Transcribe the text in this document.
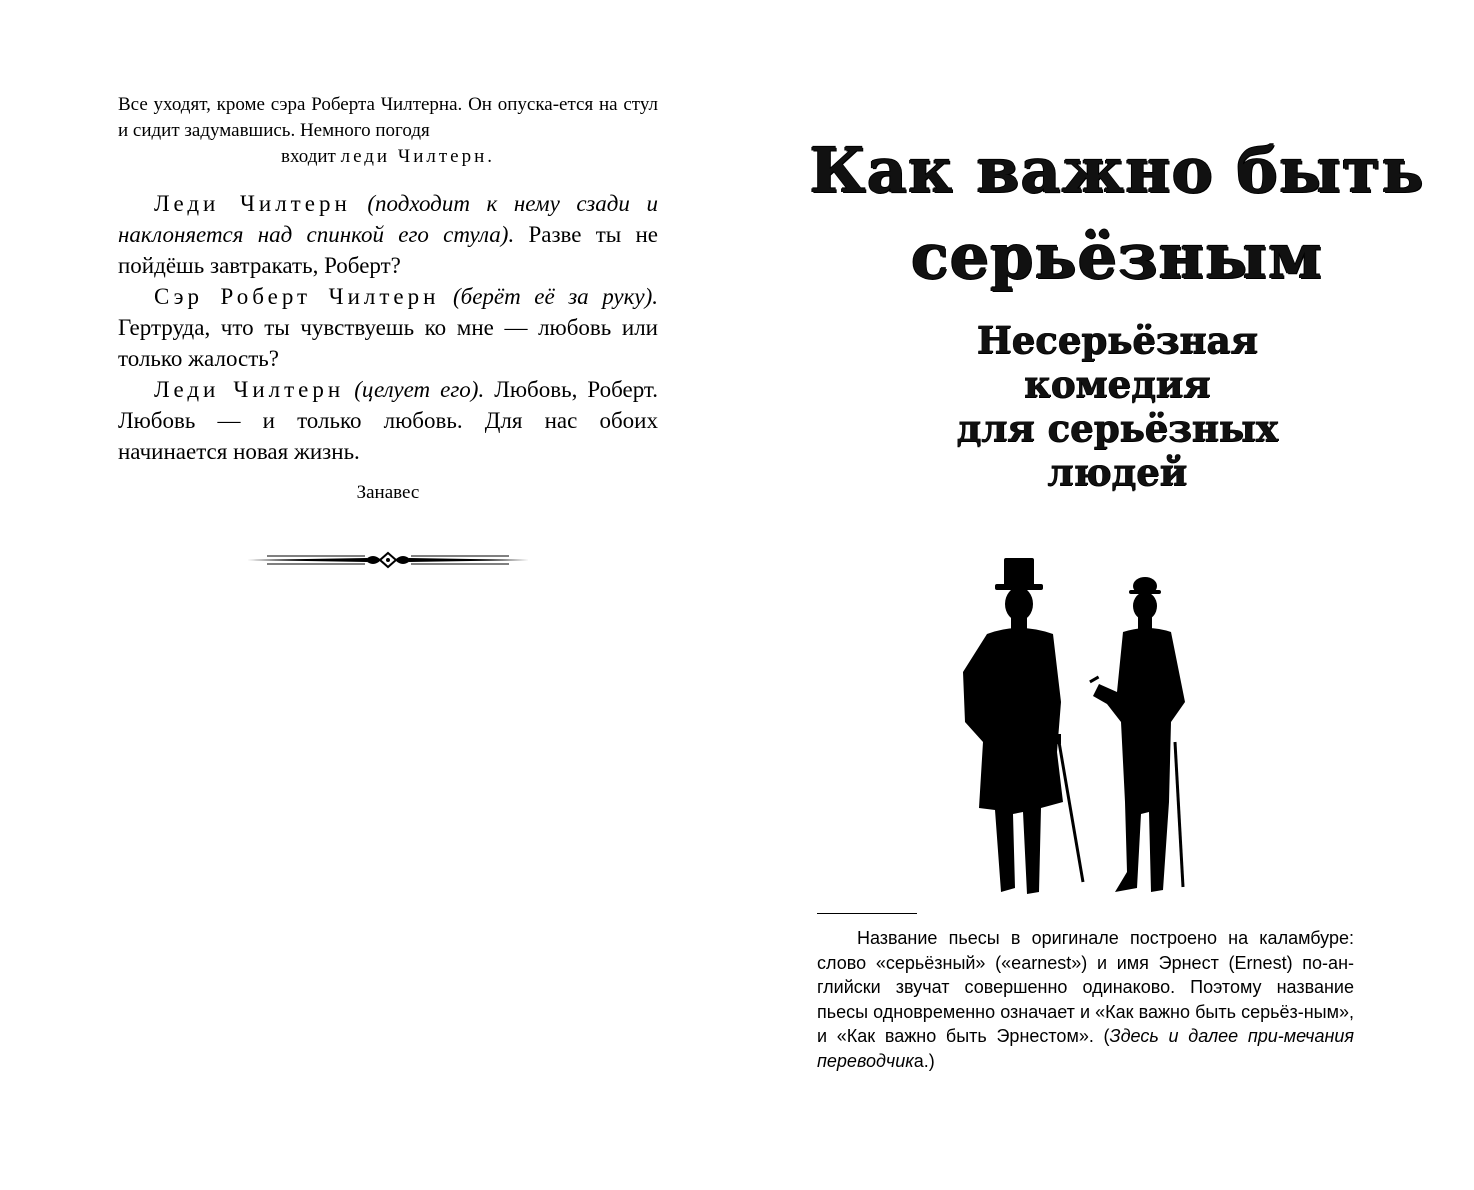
Все уходят, кроме сэра Роберта Чилтерна. Он опуска-ется на стул и сидит задумавшись. Немного погодя
входит леди Чилтерн.

Леди Чилтерн (подходит к нему сзади и наклоняется над спинкой его стула). Разве ты не пойдёшь завтракать, Роберт?

Сэр Роберт Чилтерн (берёт её за руку). Гертруда, что ты чувствуешь ко мне — любовь или только жалость?

Леди Чилтерн (целует его). Любовь, Роберт. Любовь — и только любовь. Для нас обоих начинается новая жизнь.

Занавес
Как важно быть
серьёзным
Несерьёзная
комедия
для серьёзных
людей

Название пьесы в оригинале построено на каламбуре: слово «серьёзный» («earnest») и имя Эрнест (Ernest) по-ан-глийски звучат совершенно одинаково. Поэтому название пьесы одновременно означает и «Как важно быть серьёз-ным», и «Как важно быть Эрнестом». (Здесь и далее при-мечания переводчика.)
